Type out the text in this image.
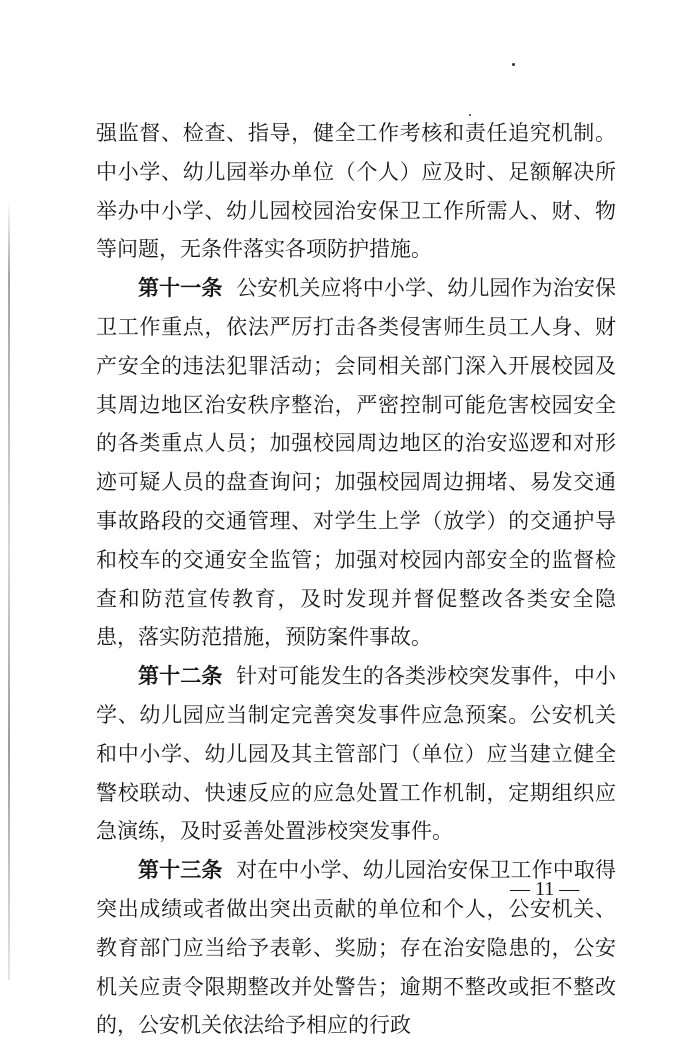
强监督、检查、指导，健全工作考核和责任追究机制。中小学、幼儿园举办单位（个人）应及时、足额解决所举办中小学、幼儿园校园治安保卫工作所需人、财、物等问题，无条件落实各项防护措施。

第十一条 公安机关应将中小学、幼儿园作为治安保卫工作重点，依法严厉打击各类侵害师生员工人身、财产安全的违法犯罪活动；会同相关部门深入开展校园及其周边地区治安秩序整治，严密控制可能危害校园安全的各类重点人员；加强校园周边地区的治安巡逻和对形迹可疑人员的盘查询问；加强校园周边拥堵、易发交通事故路段的交通管理、对学生上学（放学）的交通护导和校车的交通安全监管；加强对校园内部安全的监督检查和防范宣传教育，及时发现并督促整改各类安全隐患，落实防范措施，预防案件事故。

第十二条 针对可能发生的各类涉校突发事件，中小学、幼儿园应当制定完善突发事件应急预案。公安机关和中小学、幼儿园及其主管部门（单位）应当建立健全警校联动、快速反应的应急处置工作机制，定期组织应急演练，及时妥善处置涉校突发事件。

第十三条 对在中小学、幼儿园治安保卫工作中取得突出成绩或者做出突出贡献的单位和个人，公安机关、教育部门应当给予表彰、奖励；存在治安隐患的，公安机关应责令限期整改并处警告；逾期不整改或拒不整改的，公安机关依法给予相应的行政

— 11 —
